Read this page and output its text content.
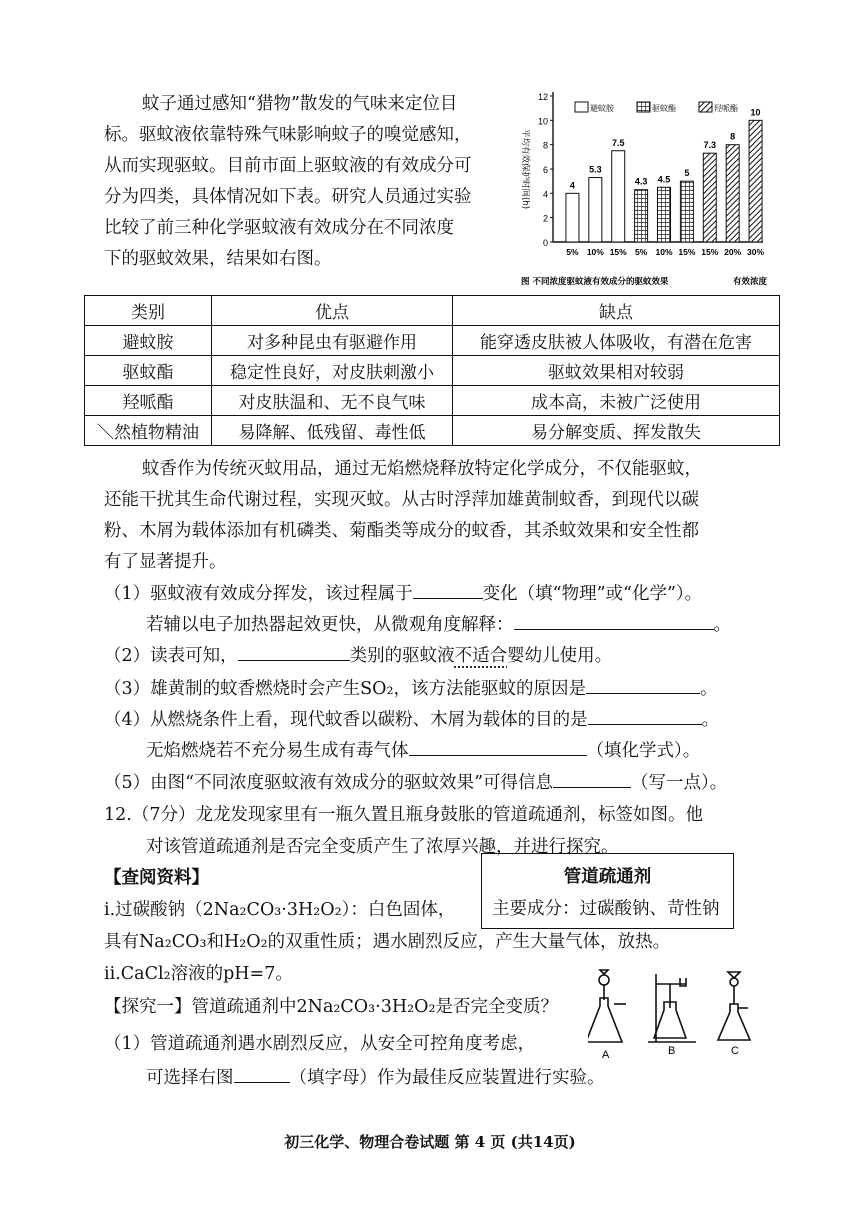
蚊子通过感知“猎物”散发的气味来定位目
标。驱蚊液依靠特殊气味影响蚊子的嗅觉感知，
从而实现驱蚊。目前市面上驱蚊液的有效成分可
分为四类，具体情况如下表。研究人员通过实验
比较了前三种化学驱蚊液有效成分在不同浓度
下的驱蚊效果，结果如右图。
0
2
4
6
8
10
12
平均有效保护时间(h)	4
5%
5.3
10%
7.5
15%
4.3
5%
4.5
10%
5
15%
7.3
15%
8
20%
10
30%
避蚊胺	驱蚊酯	羟哌酯
图 不同浓度驱蚊液有效成分的驱蚊效果	有效浓度
类别	优点	缺点
避蚊胺	对多种昆虫有驱避作用	能穿透皮肤被人体吸收，有潜在危害
驱蚊酯	稳定性良好，对皮肤刺激小	驱蚊效果相对较弱
羟哌酯	对皮肤温和、无不良气味	成本高，未被广泛使用
＼然植物精油	易降解、低残留、毒性低	易分解变质、挥发散失
蚊香作为传统灭蚊用品，通过无焰燃烧释放特定化学成分，不仅能驱蚊，
还能干扰其生命代谢过程，实现灭蚊。从古时浮萍加雄黄制蚊香，到现代以碳
粉、木屑为载体添加有机磷类、菊酯类等成分的蚊香，其杀蚊效果和安全性都
有了显著提升。
（1）驱蚊液有效成分挥发，该过程属于	变化（填“物理”或“化学”）。
若辅以电子加热器起效更快，从微观角度解释：	。
（2）读表可知，	类别的驱蚊液不适合婴幼儿使用。
（3）雄黄制的蚊香燃烧时会产生SO₂，该方法能驱蚊的原因是	。
（4）从燃烧条件上看，现代蚊香以碳粉、木屑为载体的目的是	。
无焰燃烧若不充分易生成有毒气体	（填化学式）。
（5）由图“不同浓度驱蚊液有效成分的驱蚊效果”可得信息	（写一点）。
12.（7分）龙龙发现家里有一瓶久置且瓶身鼓胀的管道疏通剂，标签如图。他
对该管道疏通剂是否完全变质产生了浓厚兴趣，并进行探究。
【查阅资料】	管道疏通剂
主要成分：过碳酸钠、苛性钠
i.过碳酸钠（2Na₂CO₃·3H₂O₂）：白色固体，
具有Na₂CO₃和H₂O₂的双重性质；遇水剧烈反应，产生大量气体，放热。
ii.CaCl₂溶液的pH=7。
【探究一】管道疏通剂中2Na₂CO₃·3H₂O₂是否完全变质？
（1）管道疏通剂遇水剧烈反应，从安全可控角度考虑，
可选择右图	（填字母）作为最佳反应装置进行实验。
A	B	C
初三化学、物理合卷试题 第 4 页 (共14页)
